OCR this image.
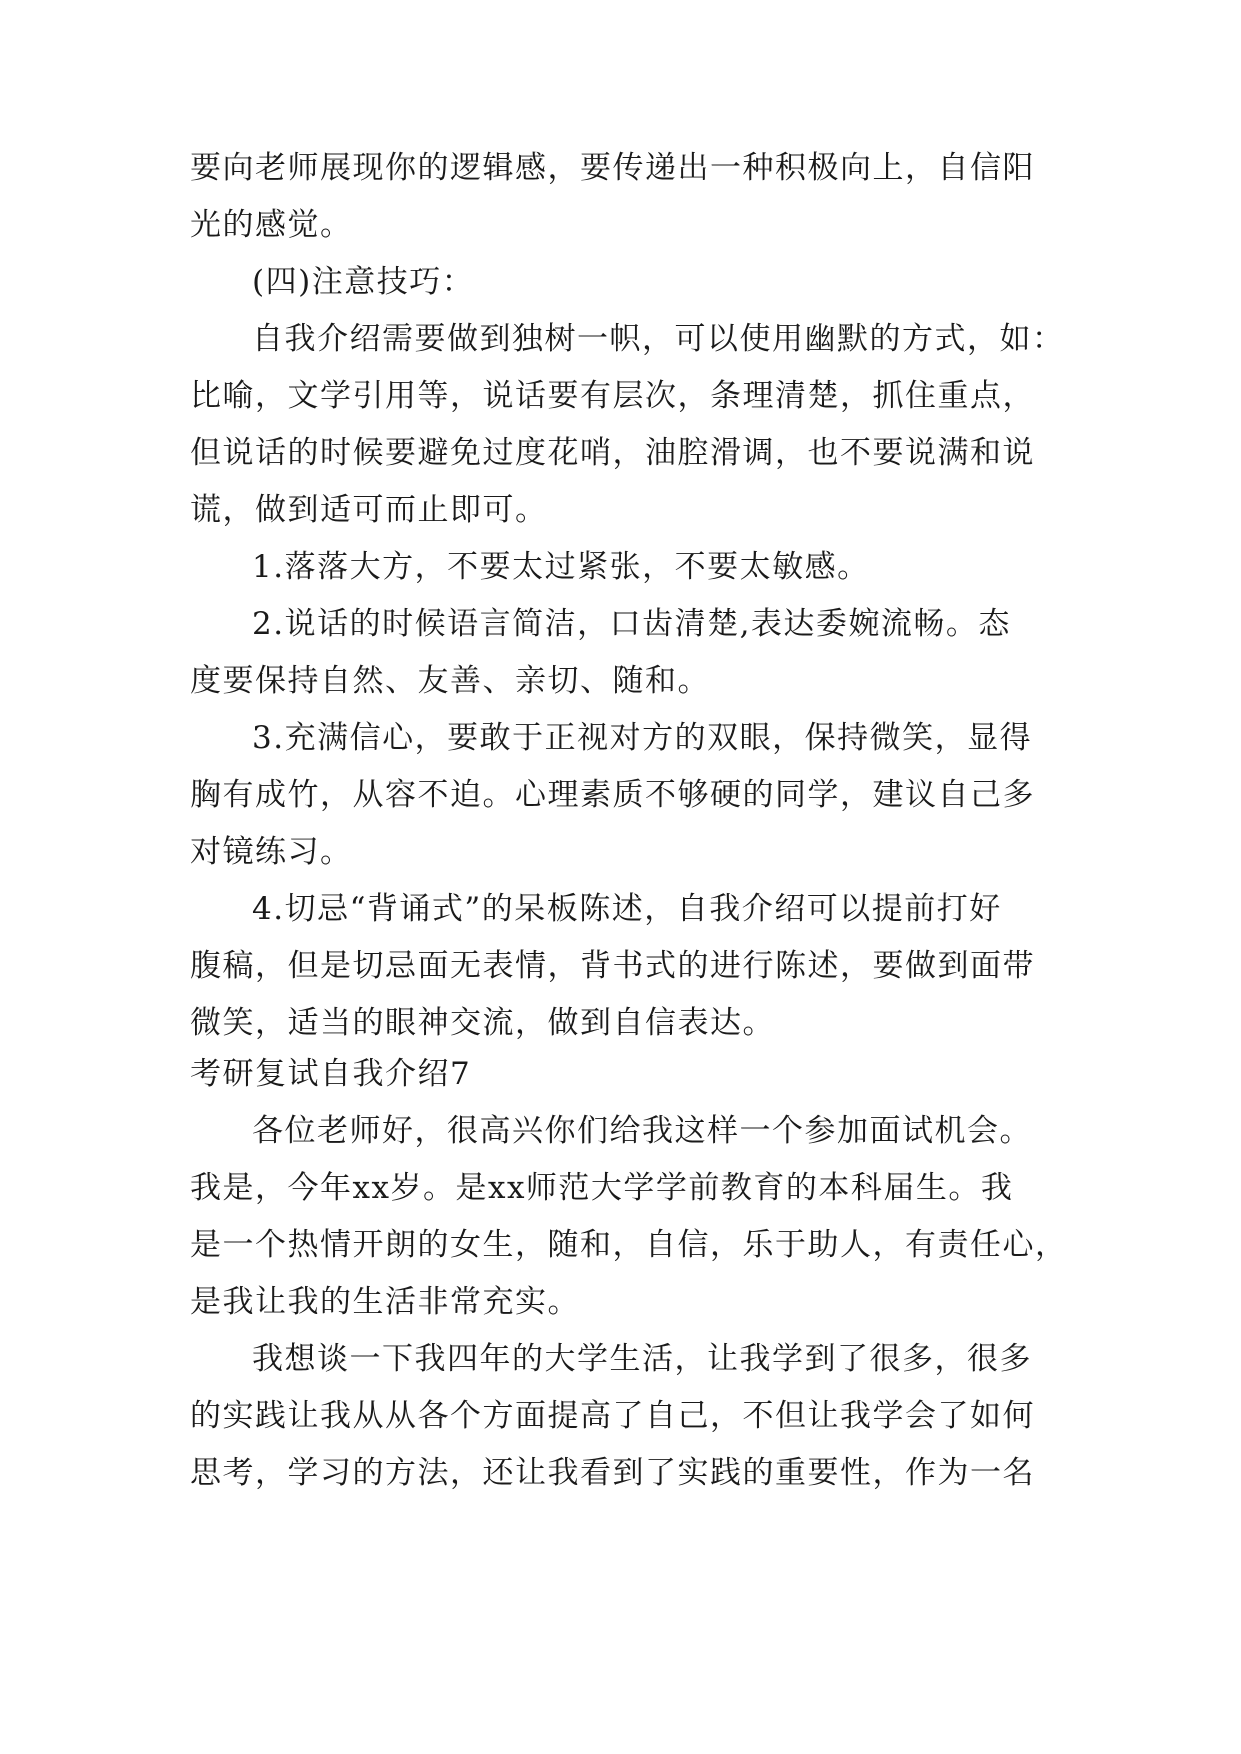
要向老师展现你的逻辑感，要传递出一种积极向上，自信阳
光的感觉。
(四)注意技巧：
自我介绍需要做到独树一帜，可以使用幽默的方式，如：
比喻，文学引用等，说话要有层次，条理清楚，抓住重点，
但说话的时候要避免过度花哨，油腔滑调，也不要说满和说
谎，做到适可而止即可。
1.落落大方，不要太过紧张，不要太敏感。
2.说话的时候语言简洁，口齿清楚,表达委婉流畅。态
度要保持自然、友善、亲切、随和。
3.充满信心，要敢于正视对方的双眼，保持微笑，显得
胸有成竹，从容不迫。心理素质不够硬的同学，建议自己多
对镜练习。
4.切忌“背诵式”的呆板陈述，自我介绍可以提前打好
腹稿，但是切忌面无表情，背书式的进行陈述，要做到面带
微笑，适当的眼神交流，做到自信表达。
考研复试自我介绍7
各位老师好，很高兴你们给我这样一个参加面试机会。
我是，今年xx岁。是xx师范大学学前教育的本科届生。我
是一个热情开朗的女生，随和，自信，乐于助人，有责任心，
是我让我的生活非常充实。
我想谈一下我四年的大学生活，让我学到了很多，很多
的实践让我从从各个方面提高了自己，不但让我学会了如何
思考，学习的方法，还让我看到了实践的重要性，作为一名
